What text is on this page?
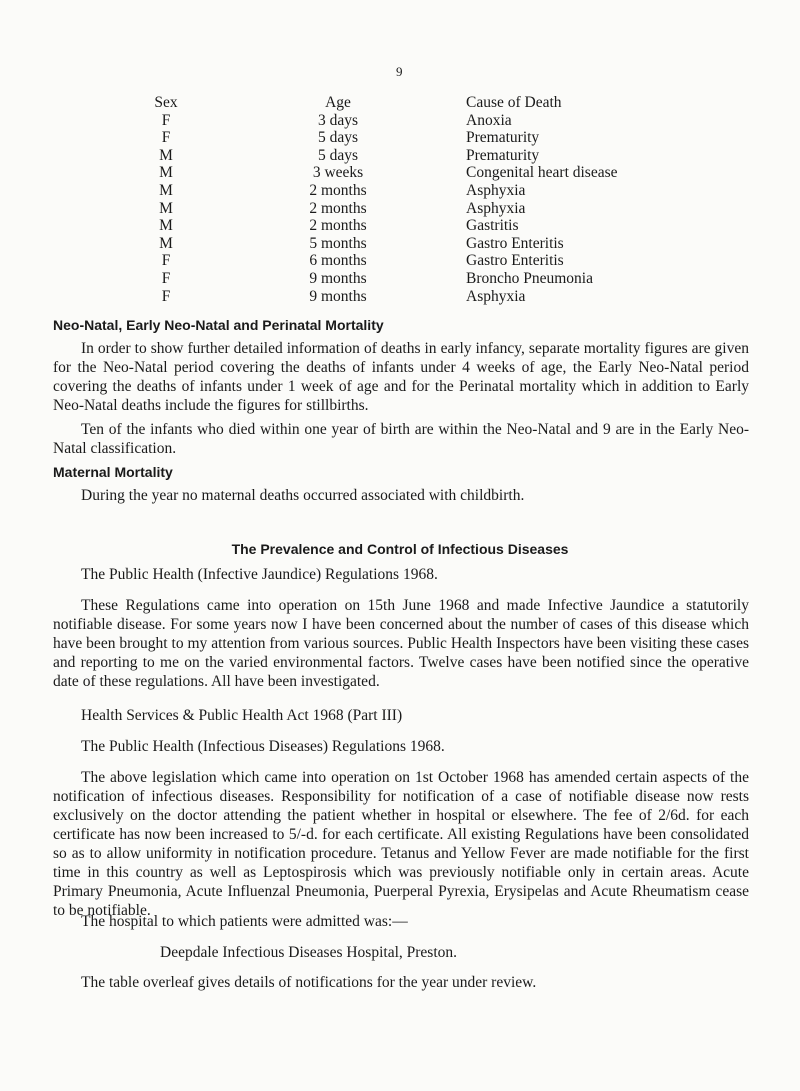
9
Sex	Age	Cause of Death
F	3 days	Anoxia
F	5 days	Prematurity
M	5 days	Prematurity
M	3 weeks	Congenital heart disease
M	2 months	Asphyxia
M	2 months	Asphyxia
M	2 months	Gastritis
M	5 months	Gastro Enteritis
F	6 months	Gastro Enteritis
F	9 months	Broncho Pneumonia
F	9 months	Asphyxia
Neo-Natal, Early Neo-Natal and Perinatal Mortality

In order to show further detailed information of deaths in early infancy, separate mortality figures are given for the Neo-Natal period covering the deaths of infants under 4 weeks of age, the Early Neo-Natal period covering the deaths of infants under 1 week of age and for the Perinatal mortality which in addition to Early Neo-Natal deaths include the figures for stillbirths.

Ten of the infants who died within one year of birth are within the Neo-Natal and 9 are in the Early Neo-Natal classification.

Maternal Mortality
During the year no maternal deaths occurred associated with childbirth.
The Prevalence and Control of Infectious Diseases
The Public Health (Infective Jaundice) Regulations 1968.

These Regulations came into operation on 15th June 1968 and made Infective Jaundice a statutorily notifiable disease. For some years now I have been concerned about the number of cases of this disease which have been brought to my attention from various sources. Public Health Inspectors have been visiting these cases and reporting to me on the varied environmental factors. Twelve cases have been notified since the operative date of these regulations. All have been investigated.

Health Services & Public Health Act 1968 (Part III)
The Public Health (Infectious Diseases) Regulations 1968.

The above legislation which came into operation on 1st October 1968 has amended certain aspects of the notification of infectious diseases. Responsibility for notification of a case of notifiable disease now rests exclusively on the doctor attending the patient whether in hospital or elsewhere. The fee of 2/6d. for each certificate has now been increased to 5/-d. for each certificate. All existing Regulations have been consolidated so as to allow uniformity in notification procedure. Tetanus and Yellow Fever are made notifiable for the first time in this country as well as Leptospirosis which was previously notifiable only in certain areas. Acute Primary Pneumonia, Acute Influenzal Pneumonia, Puerperal Pyrexia, Erysipelas and Acute Rheumatism cease to be notifiable.

The hospital to which patients were admitted was:—
Deepdale Infectious Diseases Hospital, Preston.
The table overleaf gives details of notifications for the year under review.
